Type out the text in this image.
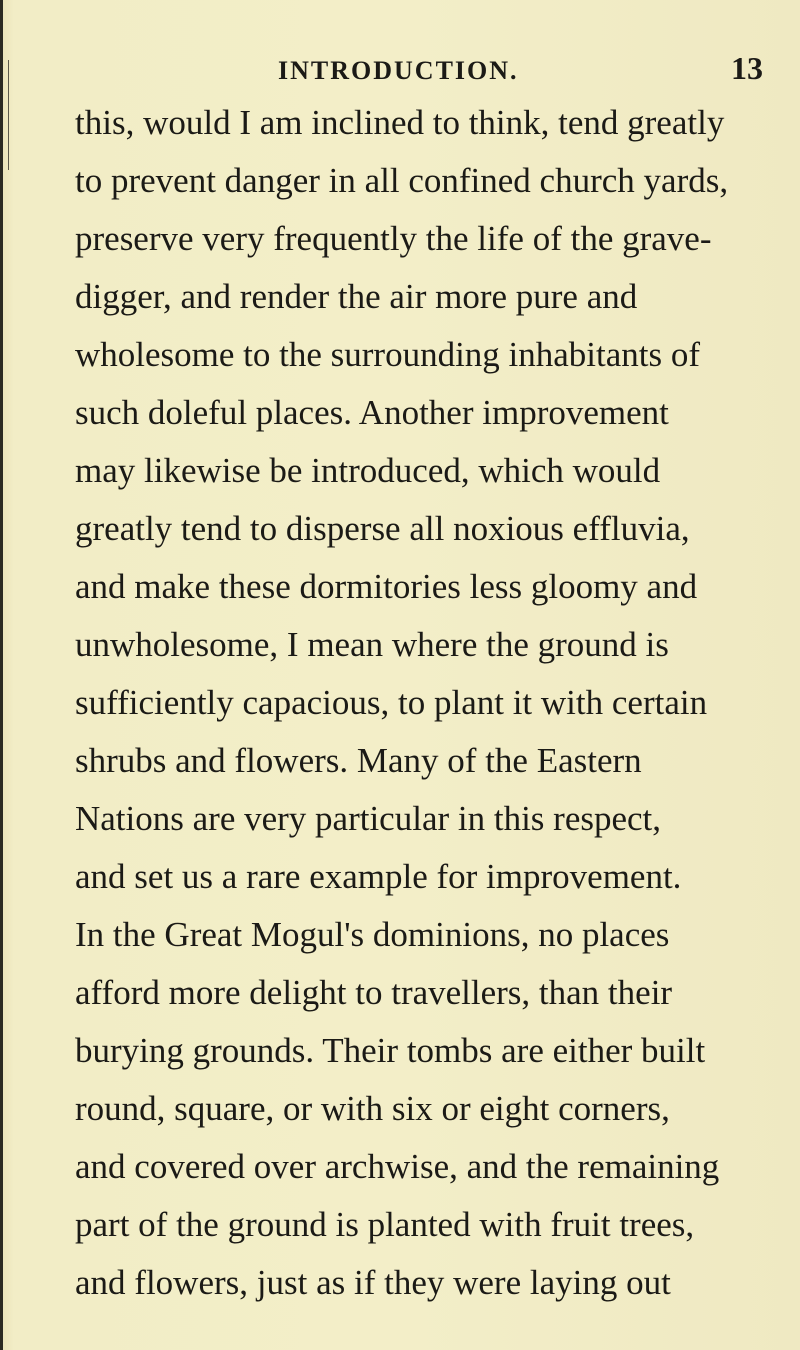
INTRODUCTION.	13
this, would I am inclined to think, tend greatly
to prevent danger in all confined church yards,
preserve very frequently the life of the grave-
digger, and render the air more pure and
wholesome to the surrounding inhabitants of
such doleful places. Another improvement
may likewise be introduced, which would
greatly tend to disperse all noxious effluvia,
and make these dormitories less gloomy and
unwholesome, I mean where the ground is
sufficiently capacious, to plant it with certain
shrubs and flowers. Many of the Eastern
Nations are very particular in this respect,
and set us a rare example for improvement.
In the Great Mogul's dominions, no places
afford more delight to travellers, than their
burying grounds. Their tombs are either built
round, square, or with six or eight corners,
and covered over archwise, and the remaining
part of the ground is planted with fruit trees,
and flowers, just as if they were laying out
